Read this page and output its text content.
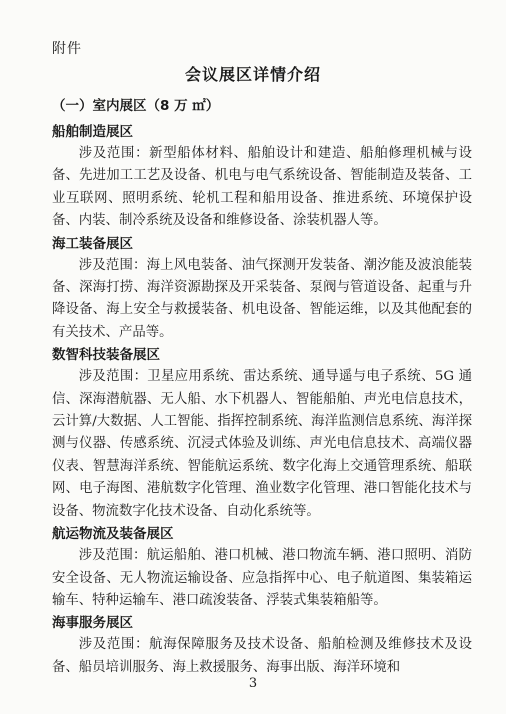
附件
会议展区详情介绍
（一）室内展区（8 万 ㎡）
船舶制造展区

涉及范围：新型船体材料、船舶设计和建造、船舶修理机械与设备、先进加工工艺及设备、机电与电气系统设备、智能制造及装备、工业互联网、照明系统、轮机工程和船用设备、推进系统、环境保护设备、内装、制冷系统及设备和维修设备、涂装机器人等。

海工装备展区

涉及范围：海上风电装备、油气探测开发装备、潮汐能及波浪能装备、深海打捞、海洋资源勘探及开采装备、泵阀与管道设备、起重与升降设备、海上安全与救援装备、机电设备、智能运维，以及其他配套的有关技术、产品等。

数智科技装备展区

涉及范围：卫星应用系统、雷达系统、通导遥与电子系统、5G 通信、深海潜航器、无人船、水下机器人、智能船舶、声光电信息技术，云计算/大数据、人工智能、指挥控制系统、海洋监测信息系统、海洋探测与仪器、传感系统、沉浸式体验及训练、声光电信息技术、高端仪器仪表、智慧海洋系统、智能航运系统、数字化海上交通管理系统、船联网、电子海图、港航数字化管理、渔业数字化管理、港口智能化技术与设备、物流数字化技术设备、自动化系统等。

航运物流及装备展区

涉及范围：航运船舶、港口机械、港口物流车辆、港口照明、消防安全设备、无人物流运输设备、应急指挥中心、电子航道图、集装箱运输车、特种运输车、港口疏浚装备、浮装式集装箱船等。

海事服务展区

涉及范围：航海保障服务及技术设备、船舶检测及维修技术及设备、船员培训服务、海上救援服务、海事出版、海洋环境和

3
